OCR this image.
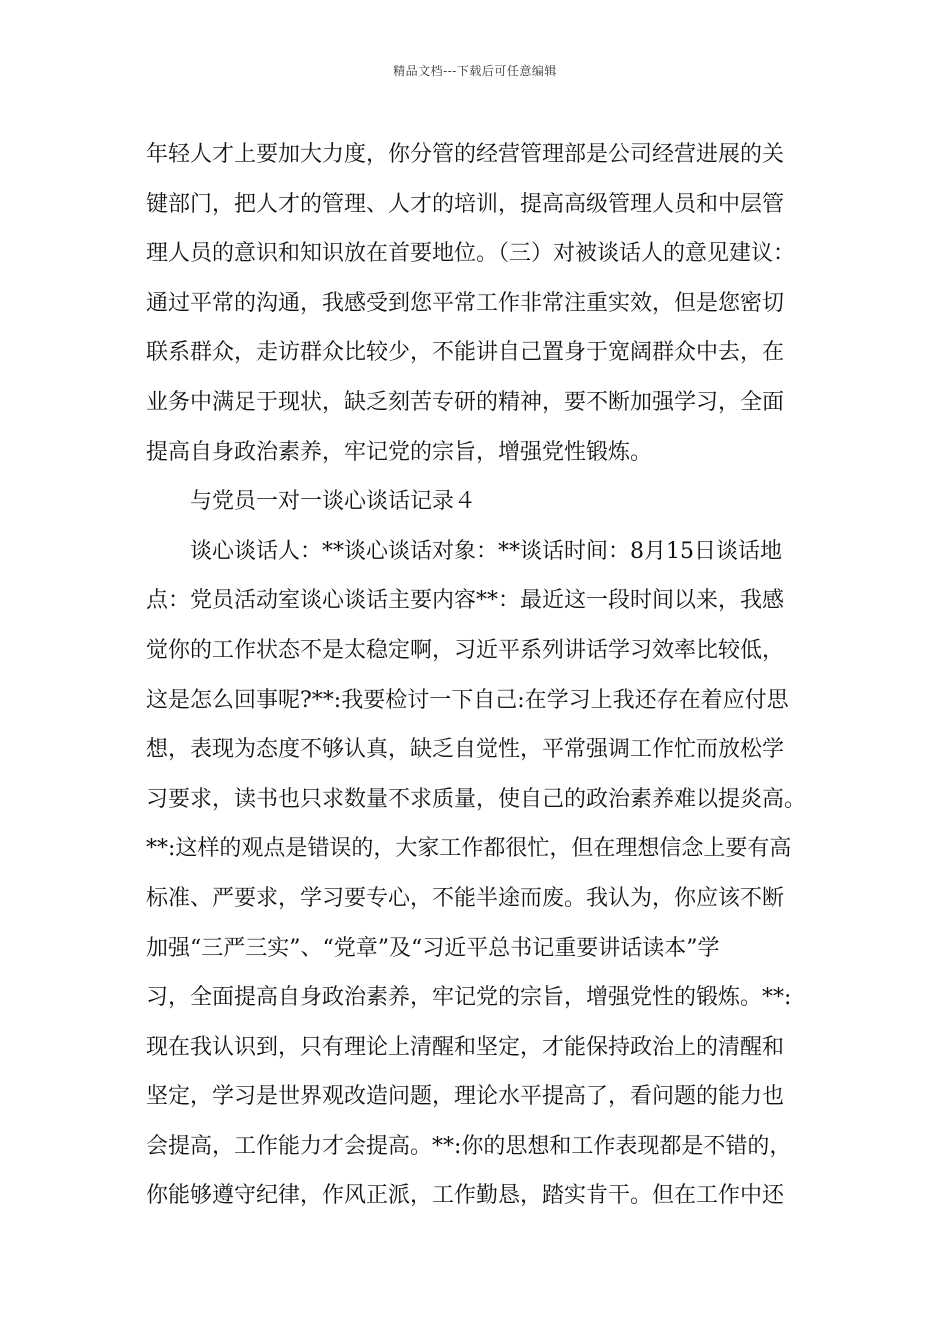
精品文档---下载后可任意编辑
年轻人才上要加大力度，你分管的经营管理部是公司经营进展的关
键部门，把人才的管理、人才的培训，提高高级管理人员和中层管
理人员的意识和知识放在首要地位。（三）对被谈话人的意见建议：
通过平常的沟通，我感受到您平常工作非常注重实效，但是您密切
联系群众，走访群众比较少，不能讲自己置身于宽阔群众中去，在
业务中满足于现状，缺乏刻苦专研的精神，要不断加强学习，全面
提高自身政治素养，牢记党的宗旨，增强党性锻炼。
与党员一对一谈心谈话记录４
谈心谈话人：**谈心谈话对象：**谈话时间：8月15日谈话地
点：党员活动室谈心谈话主要内容**：最近这一段时间以来，我感
觉你的工作状态不是太稳定啊，习近平系列讲话学习效率比较低，
这是怎么回事呢?**:我要检讨一下自己:在学习上我还存在着应付思
想，表现为态度不够认真，缺乏自觉性，平常强调工作忙而放松学
习要求，读书也只求数量不求质量，使自己的政治素养难以提炎高。
**:这样的观点是错误的，大家工作都很忙，但在理想信念上要有高
标准、严要求，学习要专心，不能半途而废。我认为，你应该不断
加强“三严三实”、“党章”及“习近平总书记重要讲话读本”学
习，全面提高自身政治素养，牢记党的宗旨，增强党性的锻炼。**:
现在我认识到，只有理论上清醒和坚定，才能保持政治上的清醒和
坚定，学习是世界观改造问题，理论水平提高了，看问题的能力也
会提高，工作能力才会提高。**:你的思想和工作表现都是不错的，
你能够遵守纪律，作风正派，工作勤恳，踏实肯干。但在工作中还
